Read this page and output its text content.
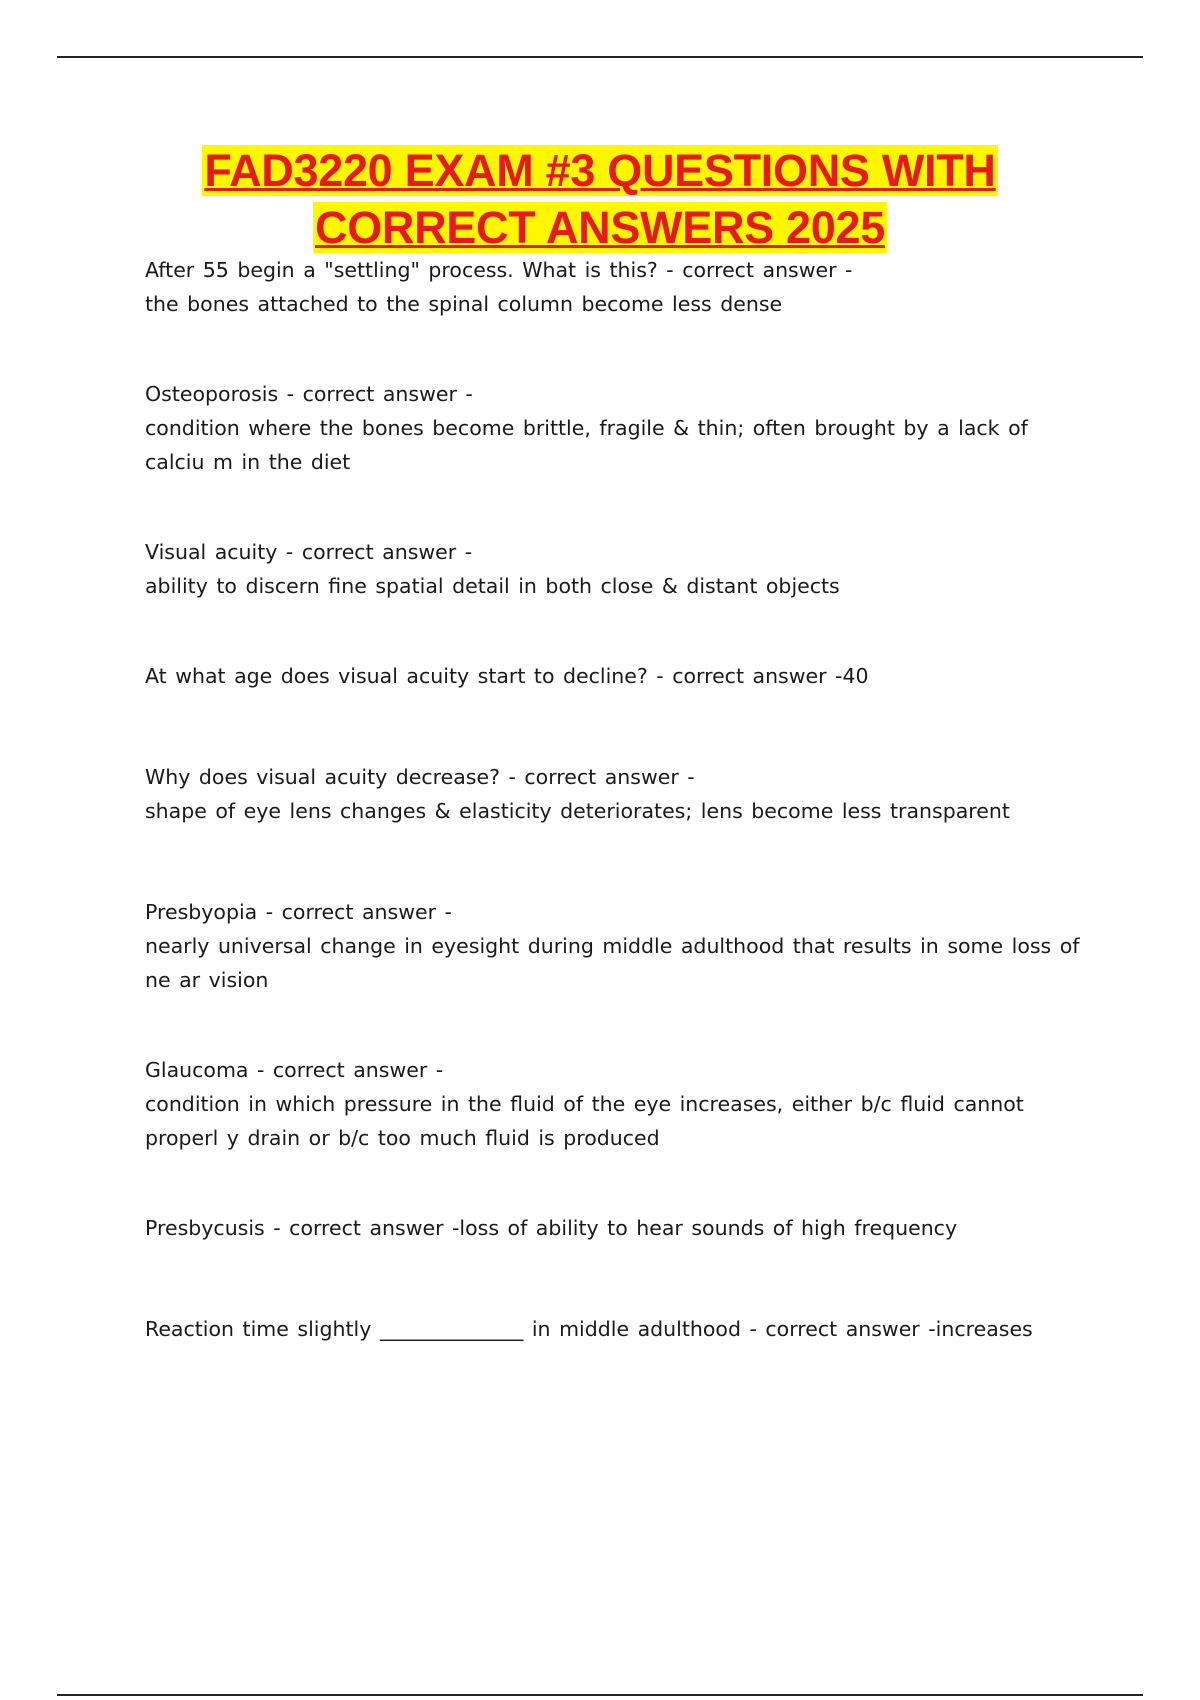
FAD3220 EXAM #3 QUESTIONS WITH
CORRECT ANSWERS 2025
After 55 begin a "settling" process. What is this? - correct answer -
the bones attached to the spinal column become less dense
Osteoporosis - correct answer -
condition where the bones become brittle, fragile & thin; often brought by a lack of calciu m in the diet
Visual acuity - correct answer -
ability to discern fine spatial detail in both close & distant objects
At what age does visual acuity start to decline? - correct answer -40
Why does visual acuity decrease? - correct answer -
shape of eye lens changes & elasticity deteriorates; lens become less transparent
Presbyopia - correct answer -
nearly universal change in eyesight during middle adulthood that results in some loss of ne ar vision
Glaucoma - correct answer -
condition in which pressure in the fluid of the eye increases, either b/c fluid cannot properl y drain or b/c too much fluid is produced
Presbycusis - correct answer -loss of ability to hear sounds of high frequency
Reaction time slightly ______________ in middle adulthood - correct answer -increases
